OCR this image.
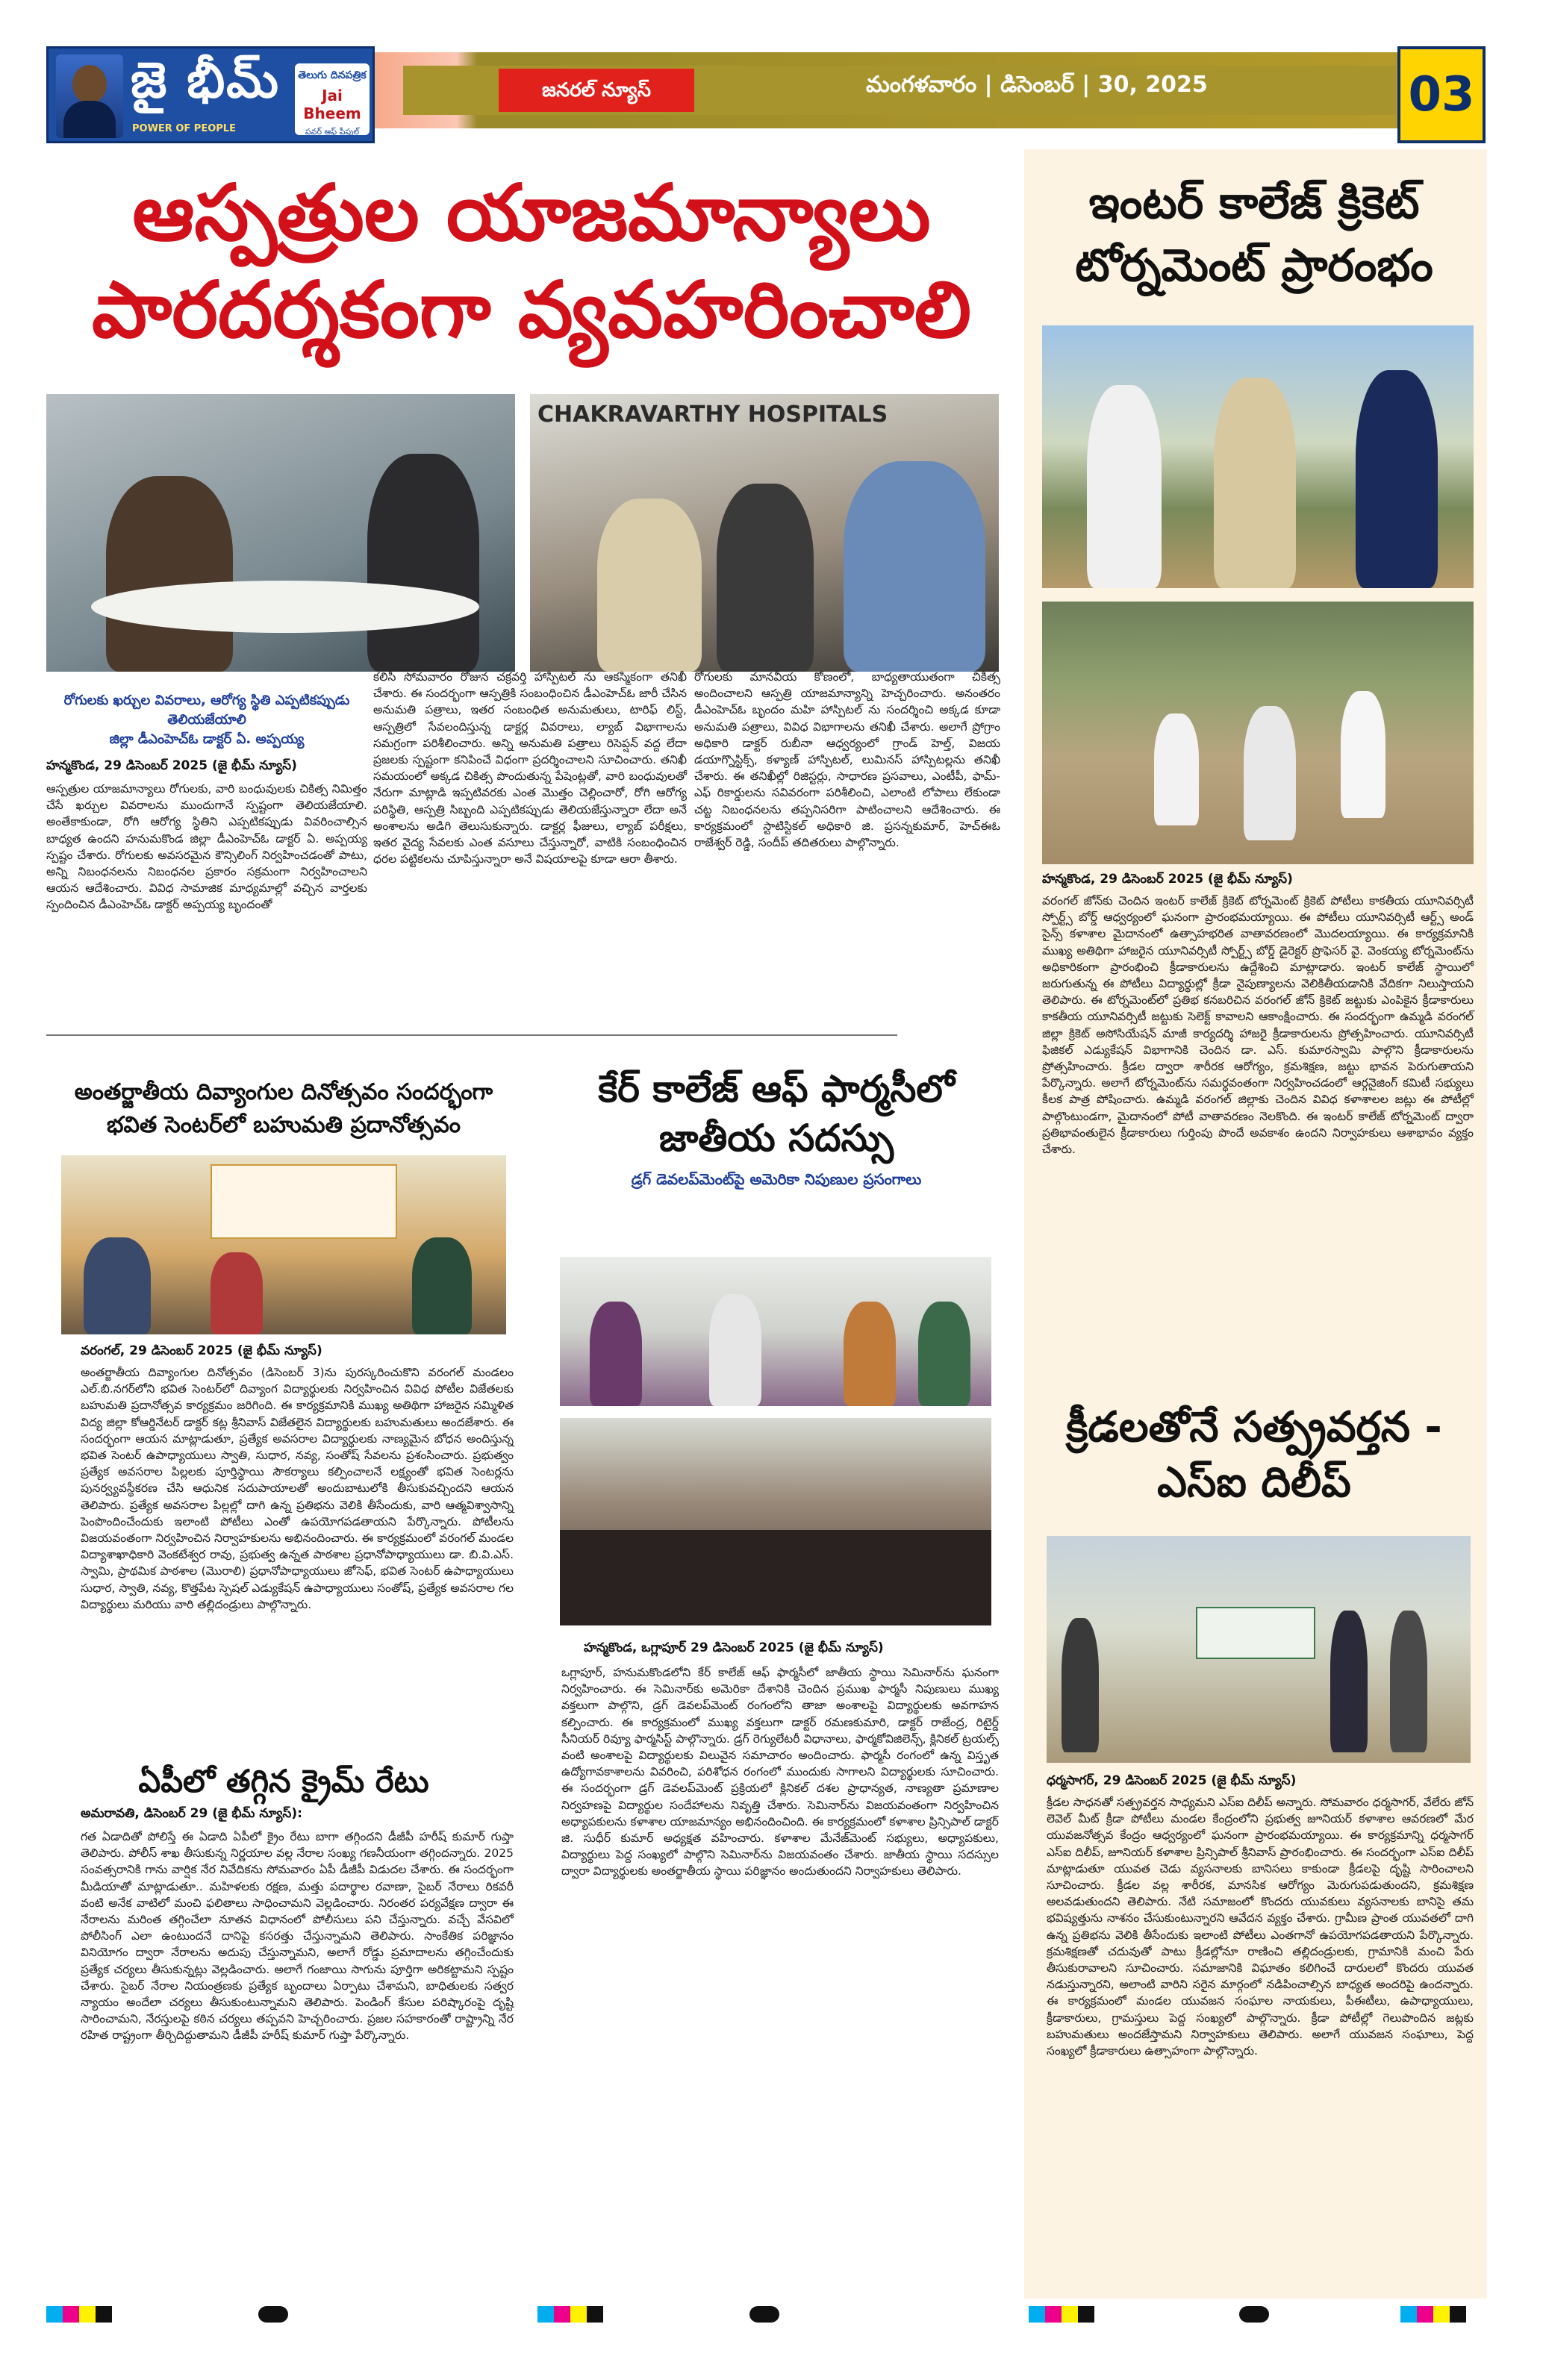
జై భీమ్
POWER OF PEOPLE
తెలుగు దినపత్రిక
Jai Bheem
పవర్ ఆఫ్ పీపుల్
జనరల్ న్యూస్	మంగళవారం | డిసెంబర్ | 30, 2025	03
ఆస్పత్రుల యాజమాన్యాలు
పారదర్శకంగా వ్యవహరించాలి
CHAKRAVARTHY HOSPITALS
రోగులకు ఖర్చుల వివరాలు, ఆరోగ్య స్థితి ఎప్పటికప్పుడు తెలియజేయాలి
జిల్లా డీఎంహెచ్‌ఓ డాక్టర్ ఏ. అప్పయ్య
హన్మకొండ, 29 డిసెంబర్ 2025 (జై భీమ్ న్యూస్)
ఆస్పత్రుల యాజమాన్యాలు రోగులకు, వారి బంధువులకు చికిత్స నిమిత్తం చేసే ఖర్చుల వివరాలను ముందుగానే స్పష్టంగా తెలియజేయాలి. అంతేకాకుండా, రోగి ఆరోగ్య స్థితిని ఎప్పటికప్పుడు వివరించాల్సిన బాధ్యత ఉందని హనుమకొండ జిల్లా డీఎంహెచ్‌ఓ డాక్టర్ ఏ. అప్పయ్య స్పష్టం చేశారు. రోగులకు అవసరమైన కౌన్సిలింగ్ నిర్వహించడంతో పాటు, అన్ని నిబంధనలను నిబంధనల ప్రకారం సక్రమంగా నిర్వహించాలని ఆయన ఆదేశించారు. వివిధ సామాజిక మాధ్యమాల్లో వచ్చిన వార్తలకు స్పందించిన డీఎంహెచ్‌ఓ డాక్టర్ అప్పయ్య బృందంతో
కలిసి సోమవారం రోజున చక్రవర్తి హాస్పిటల్ ను ఆకస్మికంగా తనిఖీ చేశారు. ఈ సందర్భంగా ఆస్పత్రికి సంబంధించిన డీఎంహెచ్‌ఓ జారీ చేసిన అనుమతి పత్రాలు, ఇతర సంబంధిత అనుమతులు, టారిఫ్ లిస్ట్, ఆస్పత్రిలో సేవలందిస్తున్న డాక్టర్ల వివరాలు, ల్యాబ్ విభాగాలను సమగ్రంగా పరిశీలించారు. అన్ని అనుమతి పత్రాలు రిసెప్షన్ వద్ద లేదా ప్రజలకు స్పష్టంగా కనిపించే విధంగా ప్రదర్శించాలని సూచించారు. తనిఖీ సమయంలో అక్కడ చికిత్స పొందుతున్న పేషెంట్లతో, వారి బంధువులతో నేరుగా మాట్లాడి ఇప్పటివరకు ఎంత మొత్తం చెల్లించారో, రోగి ఆరోగ్య పరిస్థితి, ఆస్పత్రి సిబ్బంది ఎప్పటికప్పుడు తెలియజేస్తున్నారా లేదా అనే అంశాలను అడిగి తెలుసుకున్నారు. డాక్టర్ల ఫీజులు, ల్యాబ్ పరీక్షలు, ఇతర వైద్య సేవలకు ఎంత వసూలు చేస్తున్నారో, వాటికి సంబంధించిన ధరల పట్టికలను చూపిస్తున్నారా అనే విషయాలపై కూడా ఆరా తీశారు.
రోగులకు మానవీయ కోణంలో, బాధ్యతాయుతంగా చికిత్స అందించాలని ఆస్పత్రి యాజమాన్యాన్ని హెచ్చరించారు. అనంతరం డీఎంహెచ్‌ఓ బృందం మహి హాస్పిటల్ ను సందర్శించి అక్కడ కూడా అనుమతి పత్రాలు, వివిధ విభాగాలను తనిఖీ చేశారు. అలాగే ప్రోగ్రాం అధికారి డాక్టర్ రుబీనా ఆధ్వర్యంలో గ్రాండ్ హెల్త్, విజయ డయాగ్నొస్టిక్స్, కళ్యాణ్ హాస్పిటల్, లుమినస్ హాస్పిటల్లను తనిఖీ చేశారు. ఈ తనిఖీల్లో రిజిస్టర్లు, సాధారణ ప్రసవాలు, ఎంటీపీ, ఫామ్-ఎఫ్ రికార్డులను సవివరంగా పరిశీలించి, ఎలాంటి లోపాలు లేకుండా చట్ట నిబంధనలను తప్పనిసరిగా పాటించాలని ఆదేశించారు. ఈ కార్యక్రమంలో స్టాటిస్టికల్ అధికారి జి. ప్రసన్నకుమార్, హెచ్ఈఓ రాజేశ్వర్ రెడ్డి, సందీప్ తదితరులు పాల్గొన్నారు.
ఇంటర్ కాలేజ్ క్రికెట్ టోర్నమెంట్ ప్రారంభం
హన్మకొండ, 29 డిసెంబర్ 2025 (జై భీమ్ న్యూస్)
వరంగల్ జోన్‌కు చెందిన ఇంటర్ కాలేజ్ క్రికెట్ టోర్నమెంట్ క్రికెట్ పోటీలు కాకతీయ యూనివర్సిటీ స్పోర్ట్స్ బోర్డ్ ఆధ్వర్యంలో ఘనంగా ప్రారంభమయ్యాయి. ఈ పోటీలు యూనివర్సిటీ ఆర్ట్స్ అండ్ సైన్స్ కళాశాల మైదానంలో ఉత్సాహభరిత వాతావరణంలో మొదలయ్యాయి. ఈ కార్యక్రమానికి ముఖ్య అతిథిగా హాజరైన యూనివర్సిటీ స్పోర్ట్స్ బోర్డ్ డైరెక్టర్ ప్రొఫెసర్ వై. వెంకయ్య టోర్నమెంట్‌ను అధికారికంగా ప్రారంభించి క్రీడాకారులను ఉద్దేశించి మాట్లాడారు. ఇంటర్ కాలేజ్ స్థాయిలో జరుగుతున్న ఈ పోటీలు విద్యార్థుల్లో క్రీడా నైపుణ్యాలను వెలికితీయడానికి వేదికగా నిలుస్తాయని తెలిపారు. ఈ టోర్నమెంట్‌లో ప్రతిభ కనబరిచిన వరంగల్ జోన్ క్రికెట్ జట్టుకు ఎంపికైన క్రీడాకారులు కాకతీయ యూనివర్సిటీ జట్టుకు సెలెక్ట్ కావాలని ఆకాంక్షించారు. ఈ సందర్భంగా ఉమ్మడి వరంగల్ జిల్లా క్రికెట్ అసోసియేషన్ మాజీ కార్యదర్శి హాజరై క్రీడాకారులను ప్రోత్సహించారు. యూనివర్సిటీ ఫిజికల్ ఎడ్యుకేషన్ విభాగానికి చెందిన డా. ఎస్. కుమారస్వామి పాల్గొని క్రీడాకారులను ప్రోత్సహించారు. క్రీడల ద్వారా శారీరక ఆరోగ్యం, క్రమశిక్షణ, జట్టు భావన పెరుగుతాయని పేర్కొన్నారు. అలాగే టోర్నమెంట్‌ను సమర్థవంతంగా నిర్వహించడంలో ఆర్గనైజింగ్ కమిటీ సభ్యులు కీలక పాత్ర పోషించారు. ఉమ్మడి వరంగల్ జిల్లాకు చెందిన వివిధ కళాశాలల జట్లు ఈ పోటీల్లో పాల్గొంటుండగా, మైదానంలో పోటీ వాతావరణం నెలకొంది. ఈ ఇంటర్ కాలేజ్ టోర్నమెంట్ ద్వారా ప్రతిభావంతులైన క్రీడాకారులు గుర్తింపు పొందే అవకాశం ఉందని నిర్వాహకులు ఆశాభావం వ్యక్తం చేశారు.
క్రీడలతోనే సత్ప్రవర్తన - ఎస్ఐ దిలీప్
ధర్మసాగర్, 29 డిసెంబర్ 2025 (జై భీమ్ న్యూస్)
క్రీడల సాధనతో సత్ప్రవర్తన సాధ్యమని ఎస్ఐ దిలీప్ అన్నారు. సోమవారం ధర్మసాగర్, వేలేరు జోన్ లెవెల్ మీట్ క్రీడా పోటీలు మండల కేంద్రంలోని ప్రభుత్వ జూనియర్ కళాశాల ఆవరణలో మేర యువజనోత్సవ కేంద్రం ఆధ్వర్యంలో ఘనంగా ప్రారంభమయ్యాయి. ఈ కార్యక్రమాన్ని ధర్మసాగర్ ఎస్ఐ దిలీప్, జూనియర్ కళాశాల ప్రిన్సిపాల్ శ్రీనివాస్ ప్రారంభించారు. ఈ సందర్భంగా ఎస్ఐ దిలీప్ మాట్లాడుతూ యువత చెడు వ్యసనాలకు బానిసలు కాకుండా క్రీడలపై దృష్టి సారించాలని సూచించారు. క్రీడల వల్ల శారీరక, మానసిక ఆరోగ్యం మెరుగుపడుతుందని, క్రమశిక్షణ అలవడుతుందని తెలిపారు. నేటి సమాజంలో కొందరు యువకులు వ్యసనాలకు బానిసై తమ భవిష్యత్తును నాశనం చేసుకుంటున్నారని ఆవేదన వ్యక్తం చేశారు. గ్రామీణ ప్రాంత యువతలో దాగి ఉన్న ప్రతిభను వెలికి తీసేందుకు ఇలాంటి పోటీలు ఎంతగానో ఉపయోగపడతాయని పేర్కొన్నారు. క్రమశిక్షణతో చదువుతో పాటు క్రీడల్లోనూ రాణించి తల్లిదండ్రులకు, గ్రామానికి మంచి పేరు తీసుకురావాలని సూచించారు. సమాజానికి విఘాతం కలిగించే దారులలో కొందరు యువత నడుస్తున్నారని, అలాంటి వారిని సరైన మార్గంలో నడిపించాల్సిన బాధ్యత అందరిపై ఉందన్నారు. ఈ కార్యక్రమంలో మండల యువజన సంఘాల నాయకులు, పీఈటీలు, ఉపాధ్యాయులు, క్రీడాకారులు, గ్రామస్తులు పెద్ద సంఖ్యలో పాల్గొన్నారు. క్రీడా పోటీల్లో గెలుపొందిన జట్లకు బహుమతులు అందజేస్తామని నిర్వాహకులు తెలిపారు. అలాగే యువజన సంఘాలు, పెద్ద సంఖ్యలో క్రీడాకారులు ఉత్సాహంగా పాల్గొన్నారు.
అంతర్జాతీయ దివ్యాంగుల దినోత్సవం సందర్భంగా భవిత సెంటర్‌లో బహుమతి ప్రదానోత్సవం
వరంగల్, 29 డిసెంబర్ 2025 (జై భీమ్ న్యూస్)
అంతర్జాతీయ దివ్యాంగుల దినోత్సవం (డిసెంబర్ 3)ను పురస్కరించుకొని వరంగల్ మండలం ఎల్.బి.నగర్‌లోని భవిత సెంటర్‌లో దివ్యాంగ విద్యార్థులకు నిర్వహించిన వివిధ పోటీల విజేతలకు బహుమతి ప్రదానోత్సవ కార్యక్రమం జరిగింది. ఈ కార్యక్రమానికి ముఖ్య అతిథిగా హాజరైన సమ్మిళిత విద్య జిల్లా కోఆర్డినేటర్ డాక్టర్ కట్ల శ్రీనివాస్ విజేతలైన విద్యార్థులకు బహుమతులు అందజేశారు. ఈ సందర్భంగా ఆయన మాట్లాడుతూ, ప్రత్యేక అవసరాల విద్యార్థులకు నాణ్యమైన బోధన అందిస్తున్న భవిత సెంటర్ ఉపాధ్యాయులు స్వాతి, సుధార, నవ్య, సంతోష్ సేవలను ప్రశంసించారు. ప్రభుత్వం ప్రత్యేక అవసరాల పిల్లలకు పూర్తిస్థాయి సౌకర్యాలు కల్పించాలనే లక్ష్యంతో భవిత సెంటర్లను పునర్వ్యవస్థీకరణ చేసి ఆధునిక సదుపాయాలతో అందుబాటులోకి తీసుకువచ్చిందని ఆయన తెలిపారు. ప్రత్యేక అవసరాల పిల్లల్లో దాగి ఉన్న ప్రతిభను వెలికి తీసేందుకు, వారి ఆత్మవిశ్వాసాన్ని పెంపొందించేందుకు ఇలాంటి పోటీలు ఎంతో ఉపయోగపడతాయని పేర్కొన్నారు. పోటీలను విజయవంతంగా నిర్వహించిన నిర్వాహకులను అభినందించారు. ఈ కార్యక్రమంలో వరంగల్ మండల విద్యాశాఖాధికారి వెంకటేశ్వర రావు, ప్రభుత్వ ఉన్నత పాఠశాల ప్రధానోపాధ్యాయులు డా. బి.వి.ఎస్. స్వామి, ప్రాథమిక పాఠశాల (మొరాలి) ప్రధానోపాధ్యాయులు జోసెఫ్, భవిత సెంటర్ ఉపాధ్యాయులు సుధార, స్వాతి, నవ్య, కొత్తపేట స్పెషల్ ఎడ్యుకేషన్ ఉపాధ్యాయులు సంతోష్, ప్రత్యేక అవసరాల గల విద్యార్థులు మరియు వారి తల్లిదండ్రులు పాల్గొన్నారు.
ఏపీలో తగ్గిన క్రైమ్ రేటు
అమరావతి, డిసెంబర్ 29 (జై భీమ్ న్యూస్):
గత ఏడాదితో పోలిస్తే ఈ ఏడాది ఏపీలో క్రైం రేటు బాగా తగ్గిందని డీజీపీ హరీష్ కుమార్ గుప్తా తెలిపారు. పోలీస్ శాఖ తీసుకున్న నిర్ణయాల వల్ల నేరాల సంఖ్య గణనీయంగా తగ్గిందన్నారు. 2025 సంవత్సరానికి గాను వార్షిక నేర నివేదికను సోమవారం ఏపీ డీజీపీ విడుదల చేశారు. ఈ సందర్భంగా మీడియాతో మాట్లాడుతూ.. మహిళలకు రక్షణ, మత్తు పదార్థాల రవాణా, సైబర్ నేరాలు రికవరీ వంటి అనేక వాటిలో మంచి ఫలితాలు సాధించామని వెల్లడించారు. నిరంతర పర్యవేక్షణ ద్వారా ఈ నేరాలను మరింత తగ్గించేలా నూతన విధానంలో పోలీసులు పని చేస్తున్నారు. వచ్చే వేసవిలో పోలీసింగ్ ఎలా ఉంటుందనే దానిపై కసరత్తు చేస్తున్నామని తెలిపారు. సాంకేతిక పరిజ్ఞానం వినియోగం ద్వారా నేరాలను అదుపు చేస్తున్నామని, అలాగే రోడ్డు ప్రమాదాలను తగ్గించేందుకు ప్రత్యేక చర్యలు తీసుకున్నట్లు వెల్లడించారు. అలాగే గంజాయి సాగును పూర్తిగా అరికట్టామని స్పష్టం చేశారు. సైబర్ నేరాల నియంత్రణకు ప్రత్యేక బృందాలు ఏర్పాటు చేశామని, బాధితులకు సత్వర న్యాయం అందేలా చర్యలు తీసుకుంటున్నామని తెలిపారు. పెండింగ్ కేసుల పరిష్కారంపై దృష్టి సారించామని, నేరస్తులపై కఠిన చర్యలు తప్పవని హెచ్చరించారు. ప్రజల సహకారంతో రాష్ట్రాన్ని నేర రహిత రాష్ట్రంగా తీర్చిదిద్దుతామని డీజీపీ హరీష్ కుమార్ గుప్తా పేర్కొన్నారు.
కేర్ కాలేజ్ ఆఫ్ ఫార్మసీలో జాతీయ సదస్సు
డ్రగ్ డెవలప్‌మెంట్‌పై అమెరికా నిపుణుల ప్రసంగాలు
హన్మకొండ, ఒగ్లాపూర్ 29 డిసెంబర్ 2025 (జై భీమ్ న్యూస్)
ఒగ్లాపూర్, హనుమకొండలోని కేర్ కాలేజ్ ఆఫ్ ఫార్మసీలో జాతీయ స్థాయి సెమినార్‌ను ఘనంగా నిర్వహించారు. ఈ సెమినార్‌కు అమెరికా దేశానికి చెందిన ప్రముఖ ఫార్మసీ నిపుణులు ముఖ్య వక్తలుగా పాల్గొని, డ్రగ్ డెవలప్‌మెంట్ రంగంలోని తాజా అంశాలపై విద్యార్థులకు అవగాహన కల్పించారు. ఈ కార్యక్రమంలో ముఖ్య వక్తలుగా డాక్టర్ రమణకుమారి, డాక్టర్ రాజేంద్ర, రిటైర్డ్ సీనియర్ రివ్యూ ఫార్మసిస్ట్ పాల్గొన్నారు. డ్రగ్ రెగ్యులేటరీ విధానాలు, ఫార్మకోవిజిలెన్స్, క్లినికల్ ట్రయల్స్ వంటి అంశాలపై విద్యార్థులకు విలువైన సమాచారం అందించారు. ఫార్మసీ రంగంలో ఉన్న విస్తృత ఉద్యోగావకాశాలను వివరించి, పరిశోధన రంగంలో ముందుకు సాగాలని విద్యార్థులకు సూచించారు. ఈ సందర్భంగా డ్రగ్ డెవలప్‌మెంట్ ప్రక్రియలో క్లినికల్ దశల ప్రాధాన్యత, నాణ్యతా ప్రమాణాల నిర్వహణపై విద్యార్థుల సందేహాలను నివృత్తి చేశారు. సెమినార్‌ను విజయవంతంగా నిర్వహించిన అధ్యాపకులను కళాశాల యాజమాన్యం అభినందించింది. ఈ కార్యక్రమంలో కళాశాల ప్రిన్సిపాల్ డాక్టర్ జి. సుధీర్ కుమార్ అధ్యక్షత వహించారు. కళాశాల మేనేజ్‌మెంట్ సభ్యులు, అధ్యాపకులు, విద్యార్థులు పెద్ద సంఖ్యలో పాల్గొని సెమినార్‌ను విజయవంతం చేశారు. జాతీయ స్థాయి సదస్సుల ద్వారా విద్యార్థులకు అంతర్జాతీయ స్థాయి పరిజ్ఞానం అందుతుందని నిర్వాహకులు తెలిపారు.
